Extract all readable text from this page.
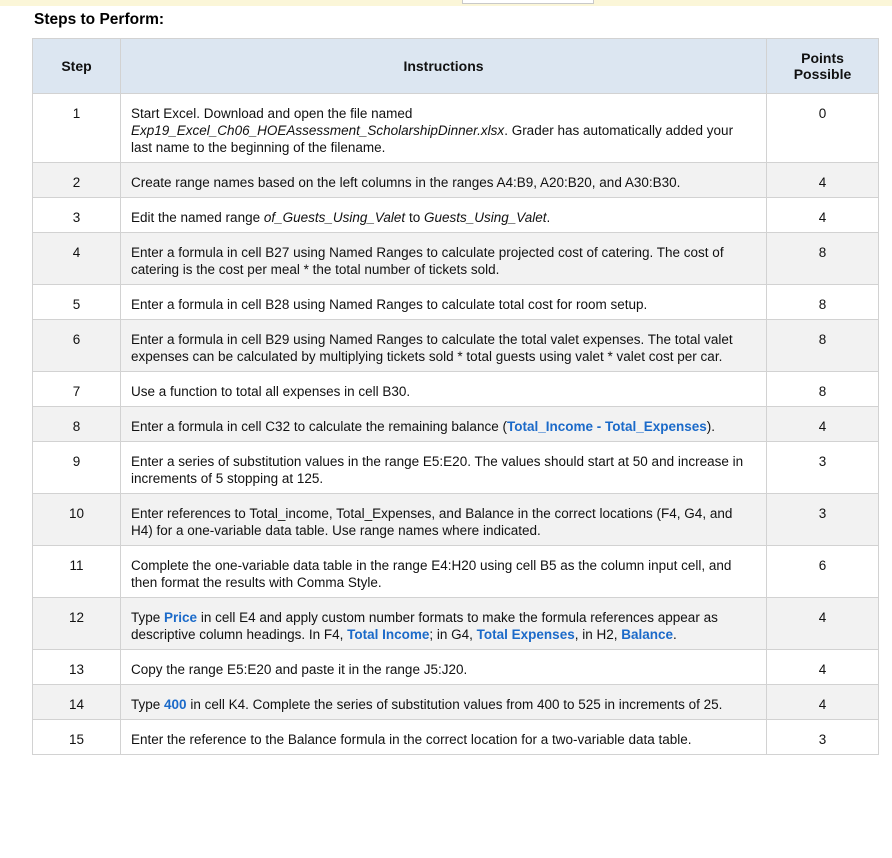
Steps to Perform:
Step	Instructions	Points
Possible
1	Start Excel. Download and open the file named Exp19_Excel_Ch06_HOEAssessment_ScholarshipDinner.xlsx. Grader has automatically added your last name to the beginning of the filename.	0
2	Create range names based on the left columns in the ranges A4:B9, A20:B20, and A30:B30.	4
3	Edit the named range of_Guests_Using_Valet to Guests_Using_Valet.	4
4	Enter a formula in cell B27 using Named Ranges to calculate projected cost of catering. The cost of catering is the cost per meal * the total number of tickets sold.	8
5	Enter a formula in cell B28 using Named Ranges to calculate total cost for room setup.	8
6	Enter a formula in cell B29 using Named Ranges to calculate the total valet expenses. The total valet expenses can be calculated by multiplying tickets sold * total guests using valet * valet cost per car.	8
7	Use a function to total all expenses in cell B30.	8
8	Enter a formula in cell C32 to calculate the remaining balance (Total_Income - Total_Expenses).	4
9	Enter a series of substitution values in the range E5:E20. The values should start at 50 and increase in increments of 5 stopping at 125.	3
10	Enter references to Total_income, Total_Expenses, and Balance in the correct locations (F4, G4, and H4) for a one-variable data table. Use range names where indicated.	3
11	Complete the one-variable data table in the range E4:H20 using cell B5 as the column input cell, and then format the results with Comma Style.	6
12	Type Price in cell E4 and apply custom number formats to make the formula references appear as descriptive column headings. In F4, Total Income; in G4, Total Expenses, in H2, Balance.	4
13	Copy the range E5:E20 and paste it in the range J5:J20.	4
14	Type 400 in cell K4. Complete the series of substitution values from 400 to 525 in increments of 25.	4
15	Enter the reference to the Balance formula in the correct location for a two-variable data table.	3
